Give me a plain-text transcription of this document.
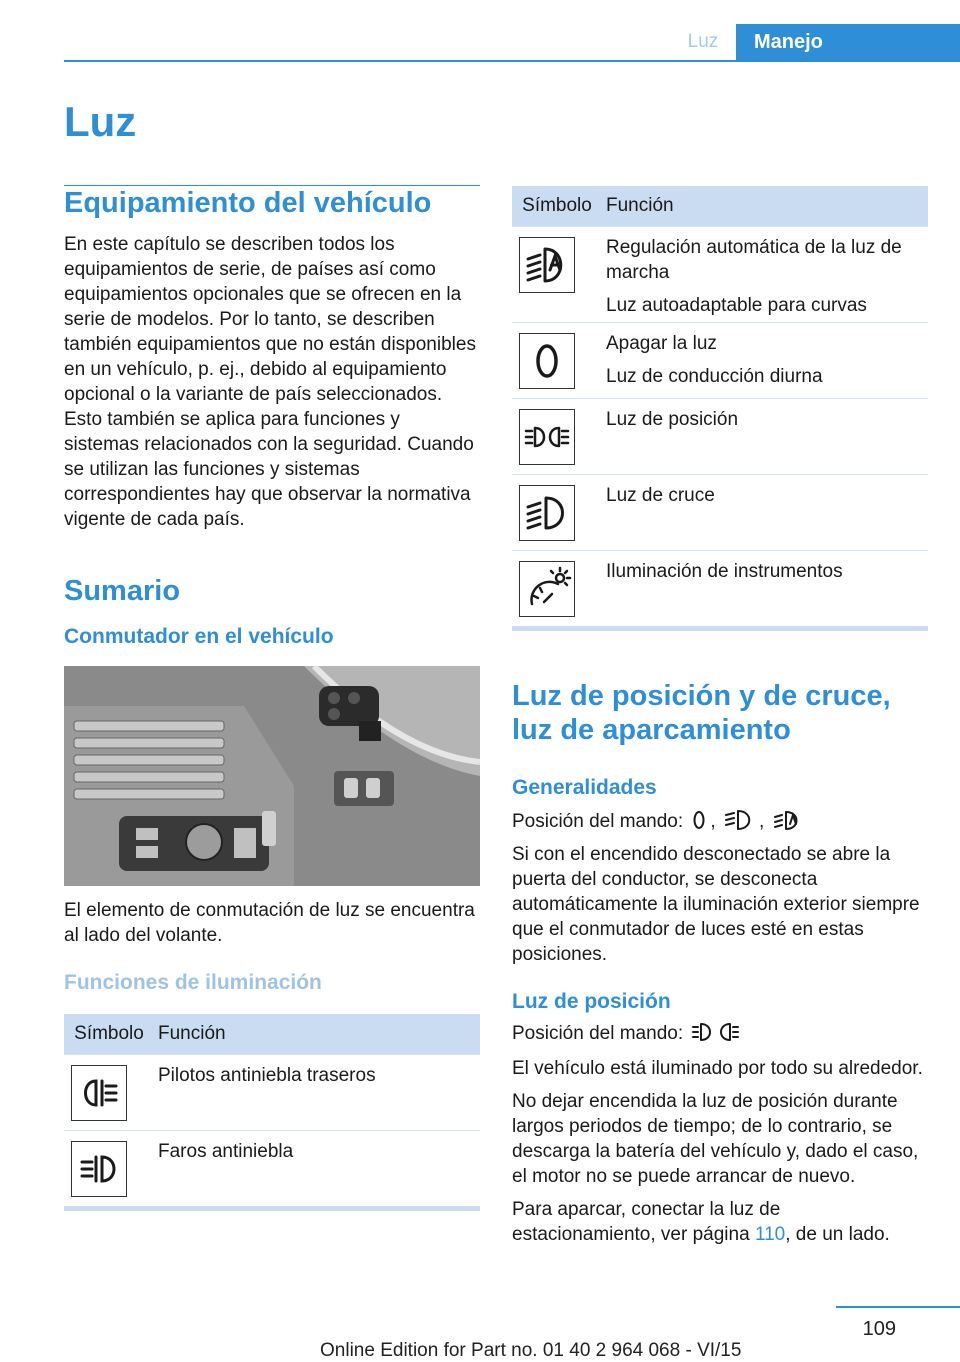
Luz	Manejo
Luz
Equipamiento del vehículo

En este capítulo se describen todos los equipamientos de serie, de países así como equipamientos opcionales que se ofrecen en la serie de modelos. Por lo tanto, se describen también equipamientos que no están disponibles en un vehículo, p. ej., debido al equipamiento opcional o la variante de país seleccionados. Esto también se aplica para funciones y sistemas relacionados con la seguridad. Cuando se utilizan las funciones y sistemas correspondientes hay que observar la normativa vigente de cada país.

Sumario
Conmutador en el vehículo

El elemento de conmutación de luz se encuentra al lado del volante.

Funciones de iluminación
Símbolo Función

Pilotos antiniebla traseros

Faros antiniebla

Símbolo Función

Regulación automática de la luz de marcha

Luz autoadaptable para curvas

Apagar la luz

Luz de conducción diurna

Luz de posición

Luz de cruce

Iluminación de instrumentos

Luz de posición y de cruce, luz de aparcamiento
Generalidades

Posición del mando: , ,

Si con el encendido desconectado se abre la puerta del conductor, se desconecta automáticamente la iluminación exterior siempre que el conmutador de luces esté en estas posiciones.

Luz de posición

Posición del mando:

El vehículo está iluminado por todo su alrededor.

No dejar encendida la luz de posición durante largos periodos de tiempo; de lo contrario, se descarga la batería del vehículo y, dado el caso, el motor no se puede arrancar de nuevo.

Para aparcar, conectar la luz de estacionamiento, ver página 110, de un lado.

109
Online Edition for Part no. 01 40 2 964 068 - VI/15
